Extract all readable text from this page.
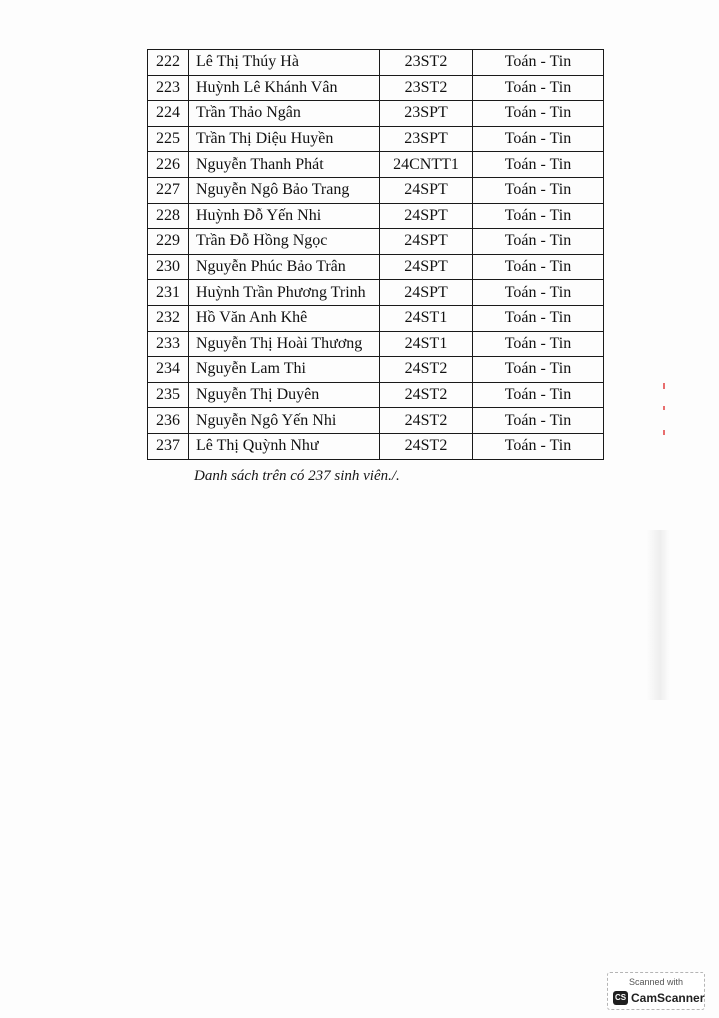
222	Lê Thị Thúy Hà	23ST2	Toán - Tin
223	Huỳnh Lê Khánh Vân	23ST2	Toán - Tin
224	Trần Thảo Ngân	23SPT	Toán - Tin
225	Trần Thị Diệu Huyền	23SPT	Toán - Tin
226	Nguyễn Thanh Phát	24CNTT1	Toán - Tin
227	Nguyễn Ngô Bảo Trang	24SPT	Toán - Tin
228	Huỳnh Đỗ Yến Nhi	24SPT	Toán - Tin
229	Trần Đỗ Hồng Ngọc	24SPT	Toán - Tin
230	Nguyễn Phúc Bảo Trân	24SPT	Toán - Tin
231	Huỳnh Trần Phương Trinh	24SPT	Toán - Tin
232	Hồ Văn Anh Khê	24ST1	Toán - Tin
233	Nguyễn Thị Hoài Thương	24ST1	Toán - Tin
234	Nguyễn Lam Thi	24ST2	Toán - Tin
235	Nguyễn Thị Duyên	24ST2	Toán - Tin
236	Nguyễn Ngô Yến Nhi	24ST2	Toán - Tin
237	Lê Thị Quỳnh Như	24ST2	Toán - Tin
Danh sách trên có 237 sinh viên./.
Scanned with
CS CamScanner
